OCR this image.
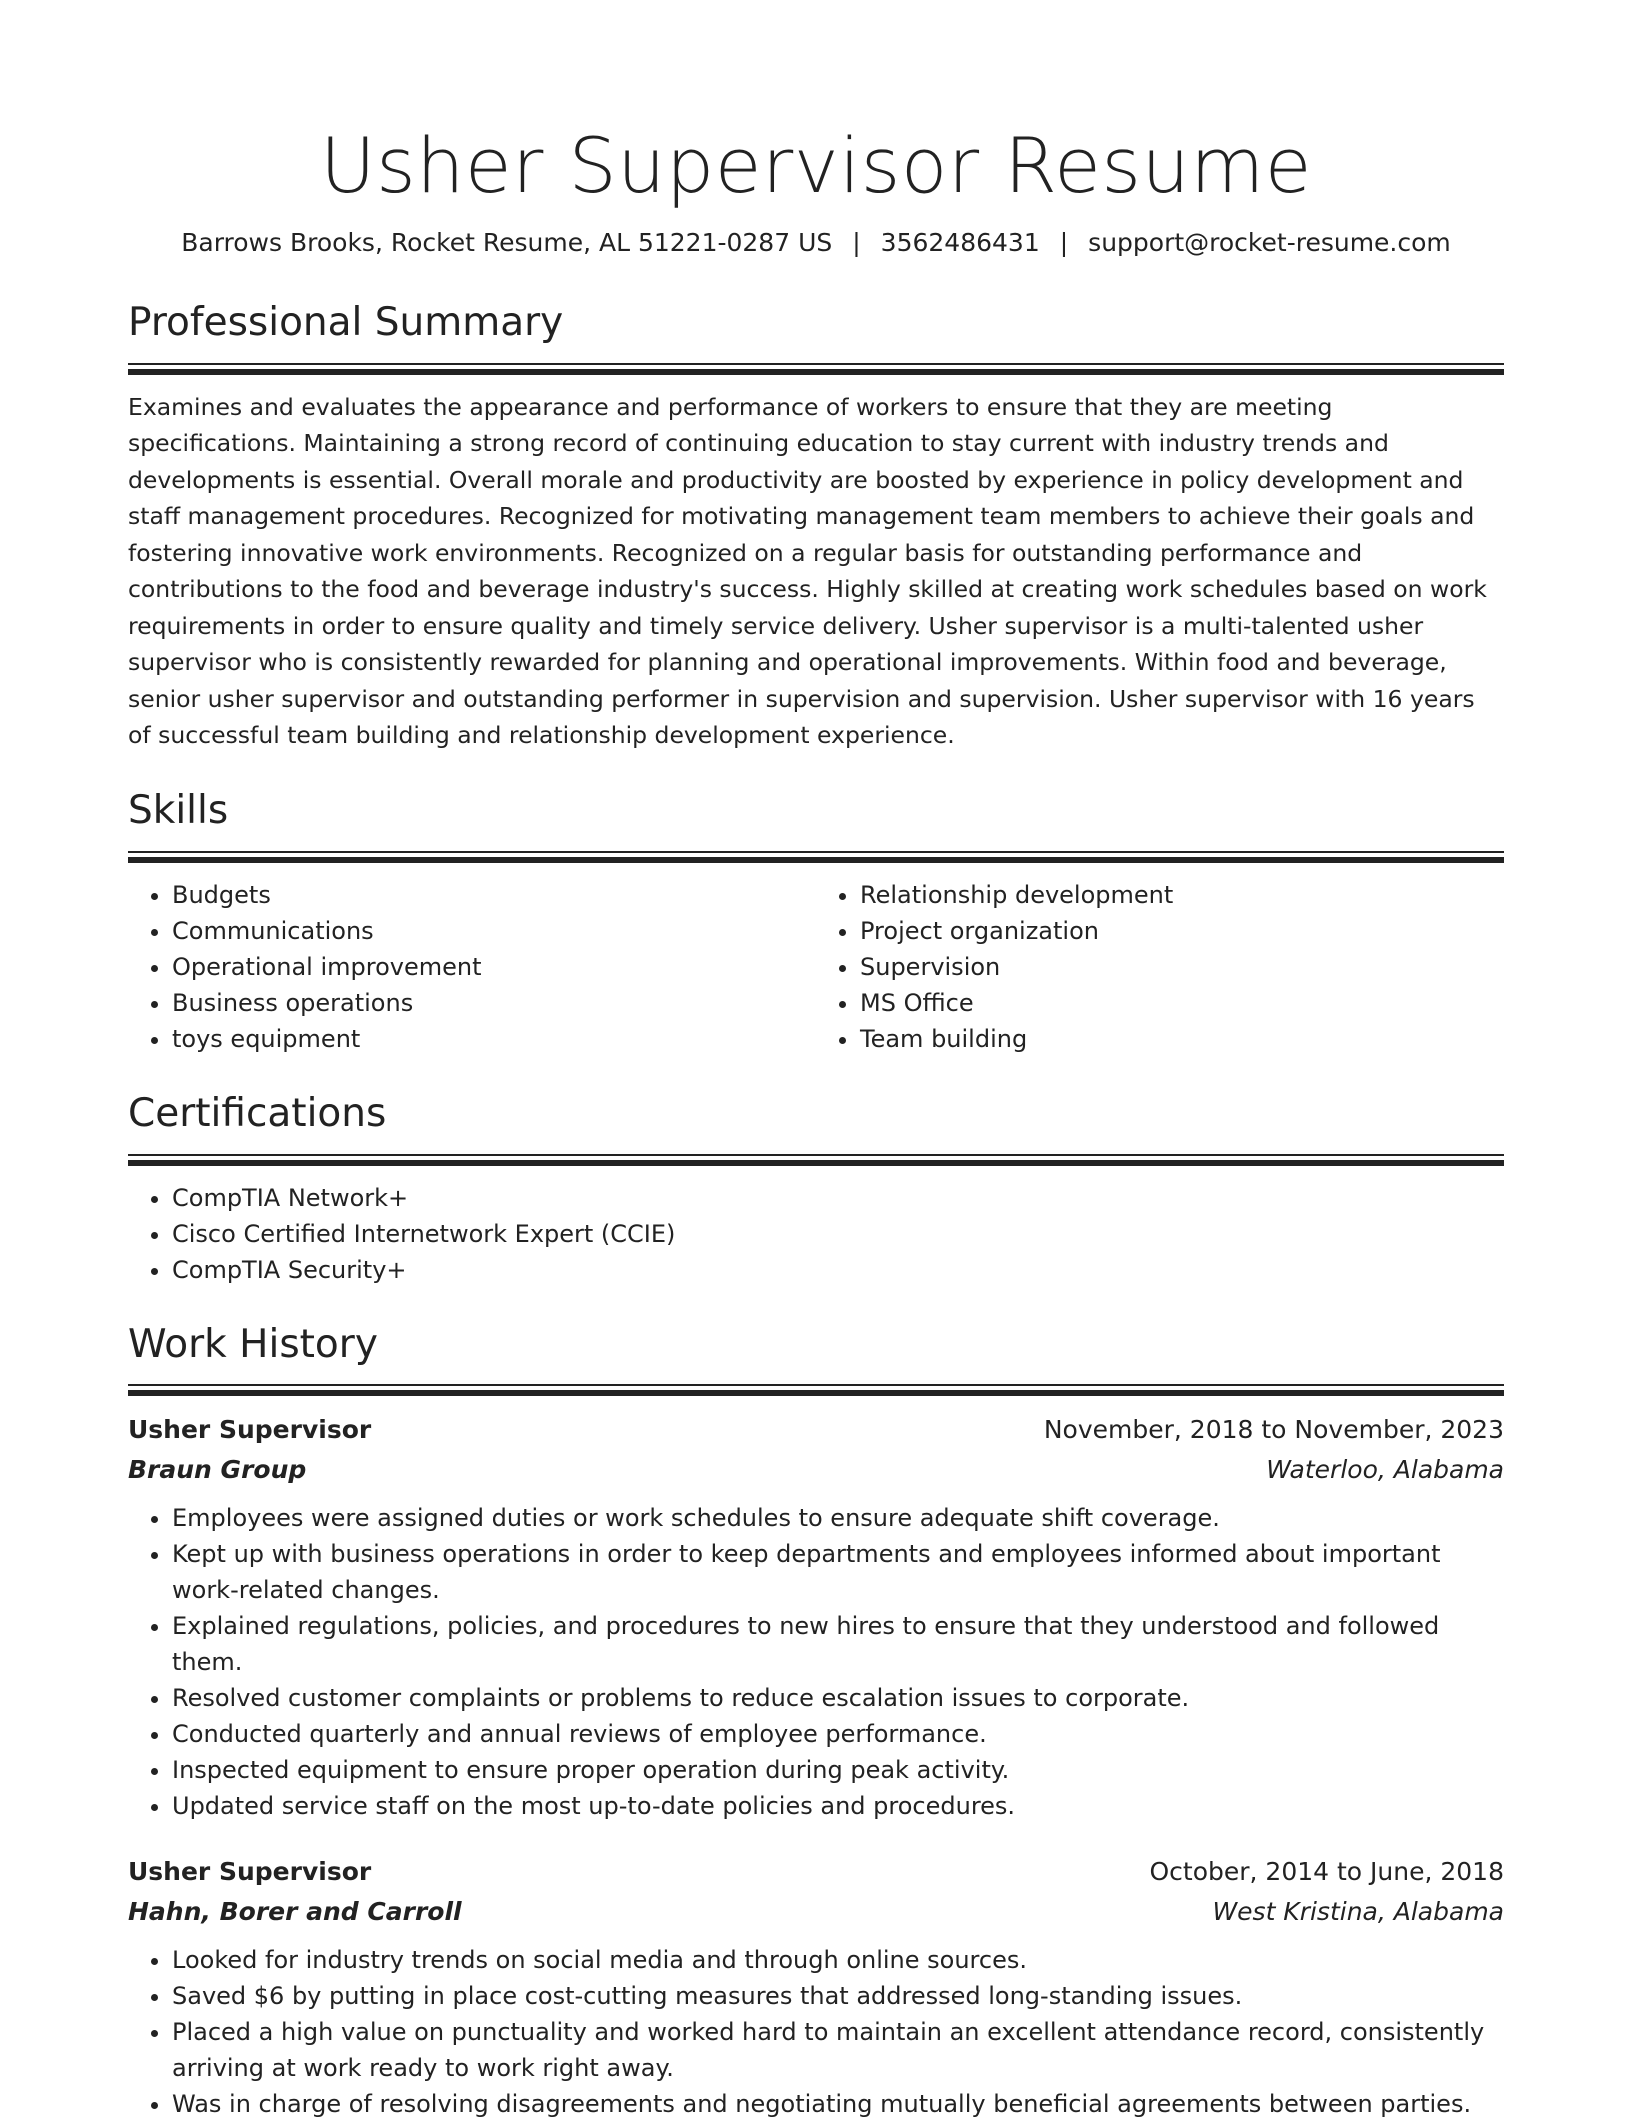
Usher Supervisor Resume
Barrows Brooks, Rocket Resume, AL 51221-0287 US | 3562486431 | support@rocket-resume.com
Professional Summary

Examines and evaluates the appearance and performance of workers to ensure that they are meeting specifications. Maintaining a strong record of continuing education to stay current with industry trends and developments is essential. Overall morale and productivity are boosted by experience in policy development and staff management procedures. Recognized for motivating management team members to achieve their goals and fostering innovative work environments. Recognized on a regular basis for outstanding performance and contributions to the food and beverage industry's success. Highly skilled at creating work schedules based on work requirements in order to ensure quality and timely service delivery. Usher supervisor is a multi-talented usher supervisor who is consistently rewarded for planning and operational improvements. Within food and beverage, senior usher supervisor and outstanding performer in supervision and supervision. Usher supervisor with 16 years of successful team building and relationship development experience.

Skills
• Budgets
• Communications
• Operational improvement
• Business operations
• toys equipment
• Relationship development
• Project organization
• Supervision
• MS Office
• Team building
Certifications
• CompTIA Network+
• Cisco Certified Internetwork Expert (CCIE)
• CompTIA Security+
Work History
Usher Supervisor	November, 2018 to November, 2023
Braun Group	Waterloo, Alabama
• Employees were assigned duties or work schedules to ensure adequate shift coverage.
• Kept up with business operations in order to keep departments and employees informed about important work-related changes.
• Explained regulations, policies, and procedures to new hires to ensure that they understood and followed them.
• Resolved customer complaints or problems to reduce escalation issues to corporate.
• Conducted quarterly and annual reviews of employee performance.
• Inspected equipment to ensure proper operation during peak activity.
• Updated service staff on the most up-to-date policies and procedures.
Usher Supervisor	October, 2014 to June, 2018
Hahn, Borer and Carroll	West Kristina, Alabama
• Looked for industry trends on social media and through online sources.
• Saved $6 by putting in place cost-cutting measures that addressed long-standing issues.
• Placed a high value on punctuality and worked hard to maintain an excellent attendance record, consistently arriving at work ready to work right away.
• Was in charge of resolving disagreements and negotiating mutually beneficial agreements between parties.
